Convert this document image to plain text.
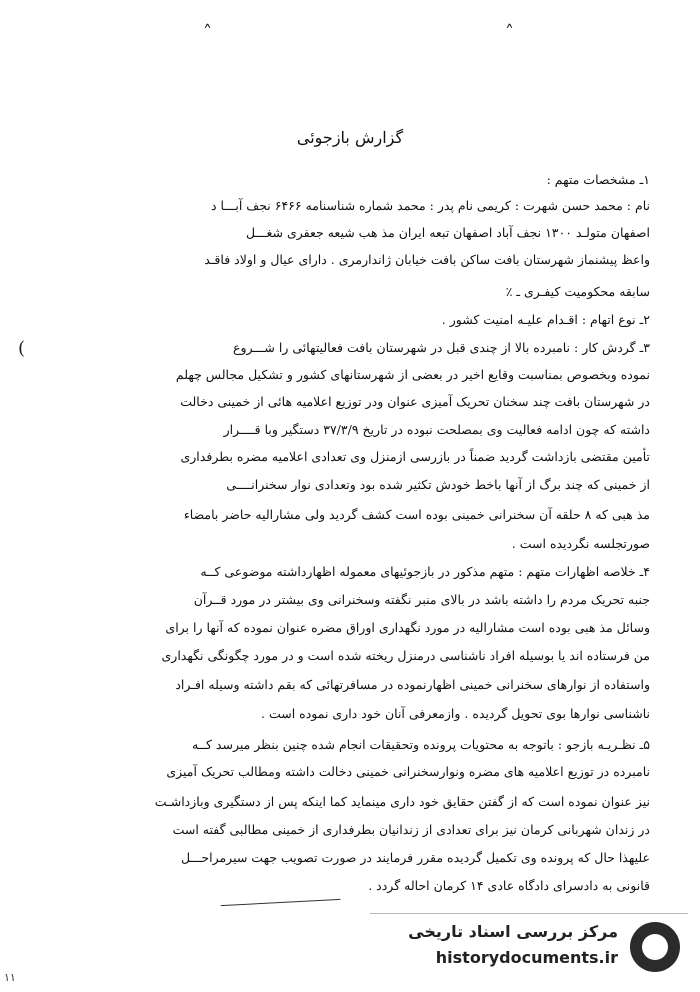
˄	˄
(
گزارش بازجوئی
۱ـ مشخصات متهم :
نام : محمد حسن شهرت : کریمی نام پدر : محمد شماره شناسنامه ۶۴۶۶ نجف آبـــا د
اصفهان متولـد ۱۳۰۰ نجف آباد اصفهان تبعه ایران مذ هب شیعه جعفری شغـــل
واعظ پیشنماز شهرستان بافت ساکن بافت خیابان ژاندارمری . دارای عیال و اولاد فاقـد
سابقه محکومیت کیفـری ـ ٪
۲ـ نوع اتهام : اقـدام علیـه امنیت کشور .
۳ـ گردش کار : نامبرده بالا از چندی قبل در شهرستان بافت فعالیتهائی را شـــروع
نموده وبخصوص بمناسبت وقایع اخیر در بعضی از شهرستانهای کشور و تشکیل مجالس چهلم
در شهرستان بافت چند سخنان تحریک آمیزی عنوان ودر توزیع اعلامیه هائی از خمینی دخالت
داشته که چون ادامه فعالیت وی بمصلحت نبوده در تاریخ ۳۷/۳/۹ دستگیر وبا قــــرار
تأمین مقتضی بازداشت گردید ضمناً در بازرسی ازمنزل وی تعدادی اعلامیه مضره بطرفداری
از خمینی که چند برگ از آنها باخط خودش تکثیر شده بود وتعدادی نوار سخنرانــــی
مذ هبی که ۸ حلقه آن سخنرانی خمینی بوده است کشف گردید ولی مشارالیه حاضر بامضاء
صورتجلسه نگردیده است .
۴ـ خلاصه اظهارات متهم : متهم مذکور در بازجوئیهای معموله اظهارداشته موضوعی کــه
جنبه تحریک مردم را داشته باشد در بالای منبر نگفته وسخنرانی وی بیشتر در مورد قــرآن
وسائل مذ هبی بوده است مشارالیه در مورد نگهداری اوراق مضره عنوان نموده که آنها را برای
من فرستاده اند یا بوسیله افراد ناشناسی درمنزل ریخته شده است و در مورد چگونگی نگهداری
واستفاده از نوارهای سخنرانی خمینی اظهارنموده در مسافرتهائی که بقم داشته وسیله افـراد
ناشناسی نوارها بوی تحویل گردیده . وازمعرفی آنان خود داری نموده است .
۵ـ نظـریـه بازجو : باتوجه به محتویات پرونده وتحقیقات انجام شده چنین بنظر میرسد کــه
نامبرده در توزیع اعلامیه های مضره ونوارسخنرانی خمینی دخالت داشته ومطالب تحریک آمیزی
نیز عنوان نموده است که از گفتن حقایق خود داری مینماید کما اینکه پس از دستگیری وبازداشـت
در زندان شهربانی کرمان نیز برای تعدادی از زندانیان بطرفداری از خمینی مطالبی گفته است
علیهذا حال که پرونده وی تکمیل گردیده مقرر فرمایند در صورت تصویب جهت سیرمراحـــل
قانونی به دادسرای دادگاه عادی ۱۴ کرمان احاله گردد .
مرکز بررسی اسناد تاریخی
historydocuments.ir
۱۱
